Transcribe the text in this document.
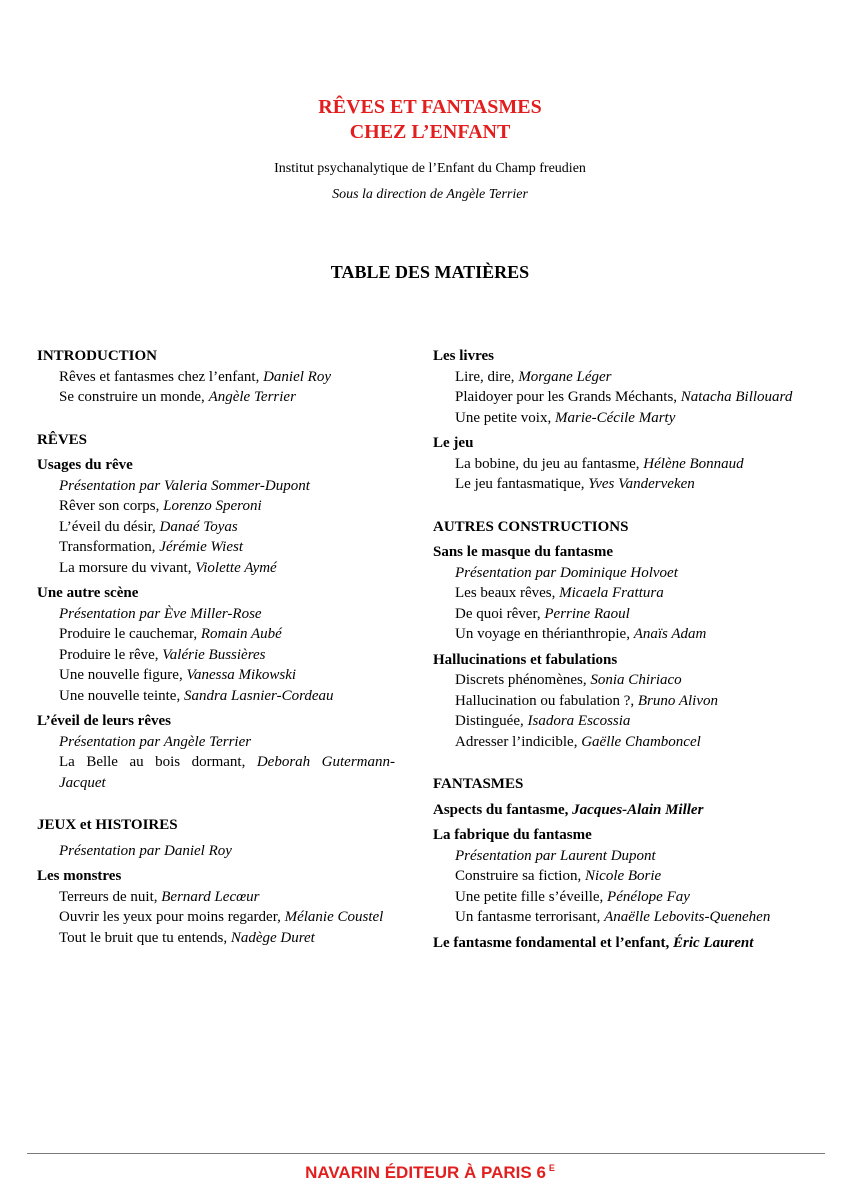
RÊVES ET FANTASMES

CHEZ L’ENFANT

Institut psychanalytique de l’Enfant du Champ freudien
Sous la direction de Angèle Terrier
TABLE DES MATIÈRES
INTRODUCTION
Rêves et fantasmes chez l’enfant, Daniel Roy
Se construire un monde, Angèle Terrier
RÊVES
Usages du rêve
Présentation par Valeria Sommer-Dupont
Rêver son corps, Lorenzo Speroni
L’éveil du désir, Danaé Toyas
Transformation, Jérémie Wiest
La morsure du vivant, Violette Aymé
Une autre scène
Présentation par Ève Miller-Rose
Produire le cauchemar, Romain Aubé
Produire le rêve, Valérie Bussières
Une nouvelle figure, Vanessa Mikowski
Une nouvelle teinte, Sandra Lasnier-Cordeau
L’éveil de leurs rêves
Présentation par Angèle Terrier
La Belle au bois dormant, Deborah Gutermann-Jacquet
JEUX et HISTOIRES
Présentation par Daniel Roy
Les monstres
Terreurs de nuit, Bernard Lecœur
Ouvrir les yeux pour moins regarder, Mélanie Coustel
Tout le bruit que tu entends, Nadège Duret
Les livres
Lire, dire, Morgane Léger
Plaidoyer pour les Grands Méchants, Natacha Billouard
Une petite voix, Marie-Cécile Marty
Le jeu
La bobine, du jeu au fantasme, Hélène Bonnaud
Le jeu fantasmatique, Yves Vanderveken
AUTRES CONSTRUCTIONS
Sans le masque du fantasme
Présentation par Dominique Holvoet
Les beaux rêves, Micaela Frattura
De quoi rêver, Perrine Raoul
Un voyage en thérianthropie, Anaïs Adam
Hallucinations et fabulations
Discrets phénomènes, Sonia Chiriaco
Hallucination ou fabulation ?, Bruno Alivon
Distinguée, Isadora Escossia
Adresser l’indicible, Gaëlle Chamboncel
FANTASMES
Aspects du fantasme, Jacques-Alain Miller
La fabrique du fantasme
Présentation par Laurent Dupont
Construire sa fiction, Nicole Borie
Une petite fille s’éveille, Pénélope Fay
Un fantasme terrorisant, Anaëlle Lebovits-Quenehen
Le fantasme fondamental et l’enfant, Éric Laurent
NAVARIN ÉDITEUR À PARIS 6 $^E$
